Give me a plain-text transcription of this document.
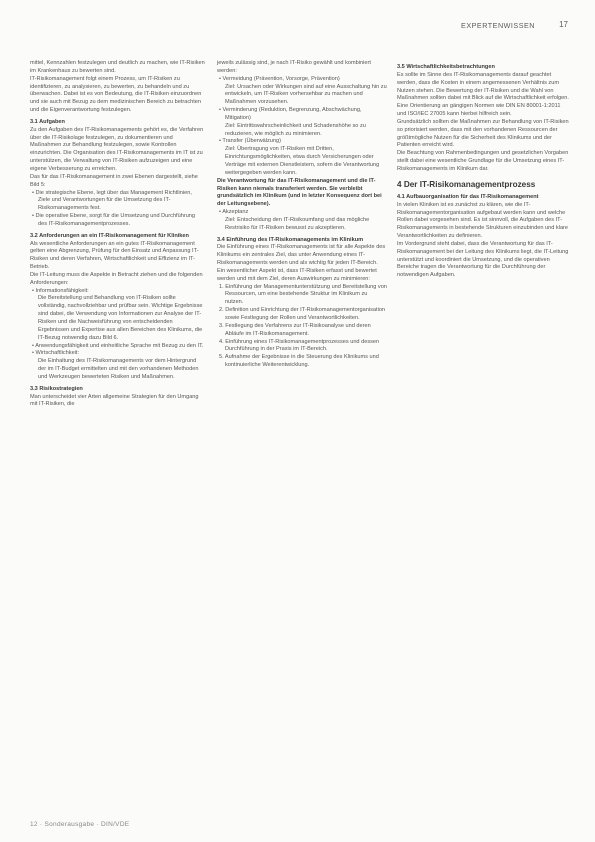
EXPERTENWISSEN	17

mittel, Kennzahlen festzulegen und deutlich zu machen, wie IT-Risiken im Krankenhaus zu bewerten sind.

IT-Risikomanagement folgt einem Prozess, um IT-Risiken zu identifizieren, zu analysieren, zu bewerten, zu behandeln und zu überwachen. Dabei ist es von Bedeutung, die IT-Risiken einzuordnen und sie auch mit Bezug zu dem medizinischen Bereich zu betrachten und die Eigenverantwortung festzulegen.

3.1 Aufgaben

Zu den Aufgaben des IT-Risikomanagements gehört es, die Verfahren über die IT-Risikolage festzulegen, zu dokumentieren und Maßnahmen zur Behandlung festzulegen, sowie Kontrollen einzurichten. Die Organisation des IT-Risikomanagements im IT ist zu unterstützen, die Verwaltung von IT-Risiken aufzuzeigen und eine eigene Verbesserung zu erreichen.

Das für das IT-Risikomanagement in zwei Ebenen dargestellt, siehe Bild 5:

• Die strategische Ebene, legt über das Management Richtlinien, Ziele und Verantwortungen für die Umsetzung des IT-Risikomanagements fest.

• Die operative Ebene, sorgt für die Umsetzung und Durchführung des IT-Risikomanagementprozesses.

3.2 Anforderungen an ein IT-Risikomanagement für Kliniken

Als wesentliche Anforderungen an ein gutes IT-Risikomanagement gelten eine Abgrenzung, Prüfung für den Einsatz und Anpassung IT-Risiken und deren Verfahren, Wirtschaftlichkeit und Effizienz im IT-Betrieb.

Die IT-Leitung muss die Aspekte in Betracht ziehen und die folgenden Anforderungen:

• Informationsfähigkeit:

Die Bereitstellung und Behandlung von IT-Risiken sollte vollständig, nachvollziehbar und prüfbar sein. Wichtige Ergebnisse sind dabei, die Verwendung von Informationen zur Analyse der IT-Risiken und die Nachweisführung von entscheidenden Ergebnissen und Expertise aus allen Bereichen des Klinikums, die IT-Bezug notwendig dazu Bild 6.

• Anwendungsfähigkeit und einheitliche Sprache mit Bezug zu den IT.

• Wirtschaftlichkeit:

Die Einhaltung des IT-Risikomanagements vor dem Hintergrund der im IT-Budget ermittelten und mit den vorhandenen Methoden und Werkzeugen bewerteten Risiken und Maßnahmen.

3.3 Risikostrategien

Man unterscheidet vier Arten allgemeine Strategien für den Umgang mit IT-Risiken, die

jeweils zulässig sind, je nach IT-Risiko gewählt und kombiniert werden:

• Vermeidung (Prävention, Vorsorge, Prävention)

Ziel: Ursachen oder Wirkungen sind auf eine Ausschaltung hin zu entwickeln, um IT-Risiken vorhersehbar zu machen und Maßnahmen vorzusehen.

• Verminderung (Reduktion, Begrenzung, Abschwächung, Mitigation)

Ziel: Eintrittswahrscheinlichkeit und Schadenshöhe so zu reduzieren, wie möglich zu minimieren.

• Transfer (Überwälzung)

Ziel: Übertragung von IT-Risiken mit Dritten, Einrichtungsmöglichkeiten, etwa durch Versicherungen oder Verträge mit externen Dienstleistern, sofern die Verantwortung weitergegeben werden kann.

Die Verantwortung für das IT-Risikomanagement und die IT-Risiken kann niemals transferiert werden. Sie verbleibt grundsätzlich im Klinikum (und in letzter Konsequenz dort bei der Leitungsebene).

• Akzeptanz

Ziel: Entscheidung den IT-Risikoumfang und das mögliche Restrisiko für IT-Risiken bewusst zu akzeptieren.

3.4 Einführung des IT-Risikomanagements im Klinikum

Die Einführung eines IT-Risikomanagements ist für alle Aspekte des Klinikums ein zentrales Ziel, das unter Anwendung eines IT-Risikomanagements werden und als wichtig für jeden IT-Bereich. Ein wesentlicher Aspekt ist, dass IT-Risiken erfasst und bewertet werden und mit dem Ziel, deren Auswirkungen zu minimieren:

1. Einführung der Managementunterstützung und Bereitstellung von Ressourcen, um eine bestehende Struktur im Klinikum zu nutzen.

2. Definition und Einrichtung der IT-Risikomanagementorganisation sowie Festlegung der Rollen und Verantwortlichkeiten.

3. Festlegung des Verfahrens zur IT-Risikoanalyse und deren Abläufe im IT-Risikomanagement.

4. Einführung eines IT-Risikomanagementprozesses und dessen Durchführung in der Praxis im IT-Bereich.

5. Aufnahme der Ergebnisse in die Steuerung des Klinikums und kontinuierliche Weiterentwicklung.

3.5 Wirtschaftlichkeitsbetrachtungen

Es sollte im Sinne des IT-Risikomanagements darauf geachtet werden, dass die Kosten in einem angemessenen Verhältnis zum Nutzen stehen. Die Bewertung der IT-Risiken und die Wahl von Maßnahmen sollten dabei mit Blick auf die Wirtschaftlichkeit erfolgen. Eine Orientierung an gängigen Normen wie DIN EN 80001-1:2011 und ISO/IEC 27005 kann hierbei hilfreich sein.

Grundsätzlich sollten die Maßnahmen zur Behandlung von IT-Risiken so priorisiert werden, dass mit den vorhandenen Ressourcen der größtmögliche Nutzen für die Sicherheit des Klinikums und der Patienten erreicht wird.

Die Beachtung von Rahmenbedingungen und gesetzlichen Vorgaben stellt dabei eine wesentliche Grundlage für die Umsetzung eines IT-Risikomanagements im Klinikum dar.

4 Der IT-Risikomanagementprozess

4.1 Aufbauorganisation für das IT-Risikomanagement

In vielen Kliniken ist es zunächst zu klären, wie die IT-Risikomanagementorganisation aufgebaut werden kann und welche Rollen dabei vorgesehen sind. Es ist sinnvoll, die Aufgaben des IT-Risikomanagements in bestehende Strukturen einzubinden und klare Verantwortlichkeiten zu definieren.

Im Vordergrund steht dabei, dass die Verantwortung für das IT-Risikomanagement bei der Leitung des Klinikums liegt, die IT-Leitung unterstützt und koordiniert die Umsetzung, und die operativen Bereiche tragen die Verantwortung für die Durchführung der notwendigen Aufgaben.

12 · Sonderausgabe · DIN/VDE
